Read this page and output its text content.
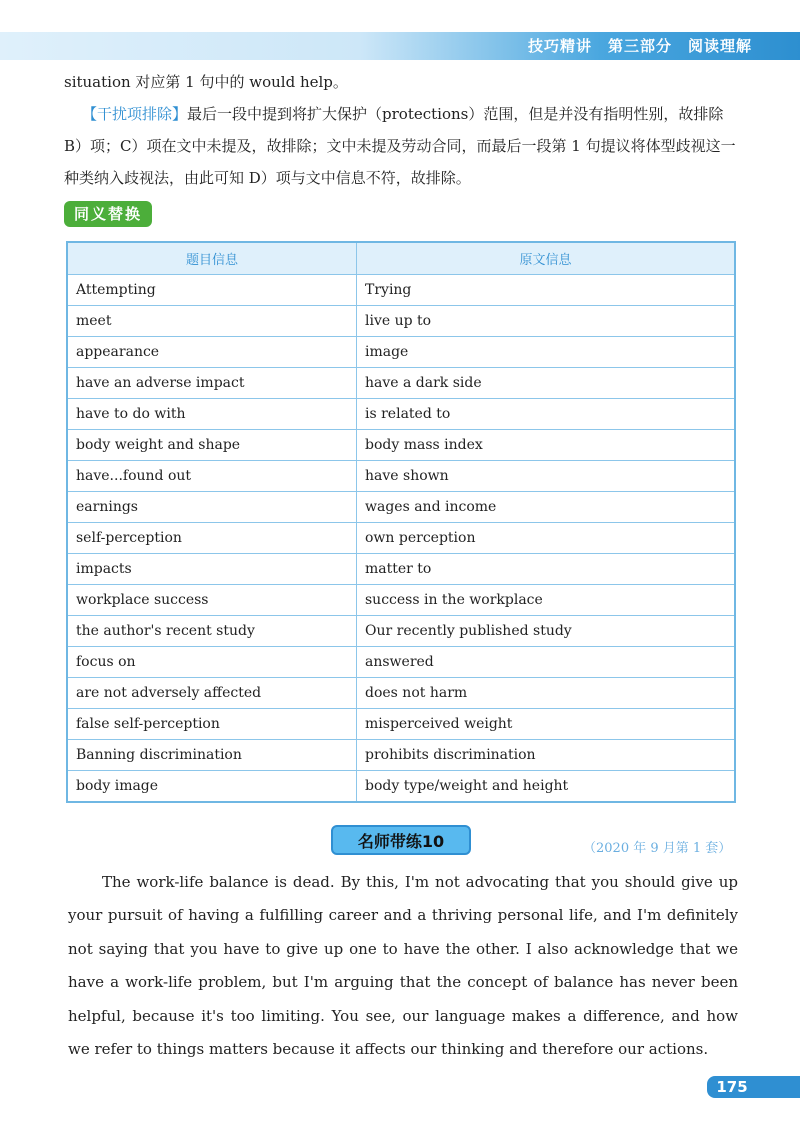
技巧精讲　第三部分　阅读理解
situation 对应第 1 句中的 would help。
【干扰项排除】最后一段中提到将扩大保护（protections）范围，但是并没有指明性别，故排除 B）项；C）项在文中未提及，故排除；文中未提及劳动合同，而最后一段第 1 句提议将体型歧视这一种类纳入歧视法，由此可知 D）项与文中信息不符，故排除。
同义替换
题目信息	原文信息
Attempting	Trying
meet	live up to
appearance	image
have an adverse impact	have a dark side
have to do with	is related to
body weight and shape	body mass index
have...found out	have shown
earnings	wages and income
self-perception	own perception
impacts	matter to
workplace success	success in the workplace
the author's recent study	Our recently published study
focus on	answered
are not adversely affected	does not harm
false self-perception	misperceived weight
Banning discrimination	prohibits discrimination
body image	body type/weight and height
名师带练10	（2020 年 9 月第 1 套）
The work-life balance is dead. By this, I'm not advocating that you should give up your pursuit of having a fulfilling career and a thriving personal life, and I'm definitely not saying that you have to give up one to have the other. I also acknowledge that we have a work-life problem, but I'm arguing that the concept of balance has never been helpful, because it's too limiting. You see, our language makes a difference, and how we refer to things matters because it affects our thinking and therefore our actions.
175
